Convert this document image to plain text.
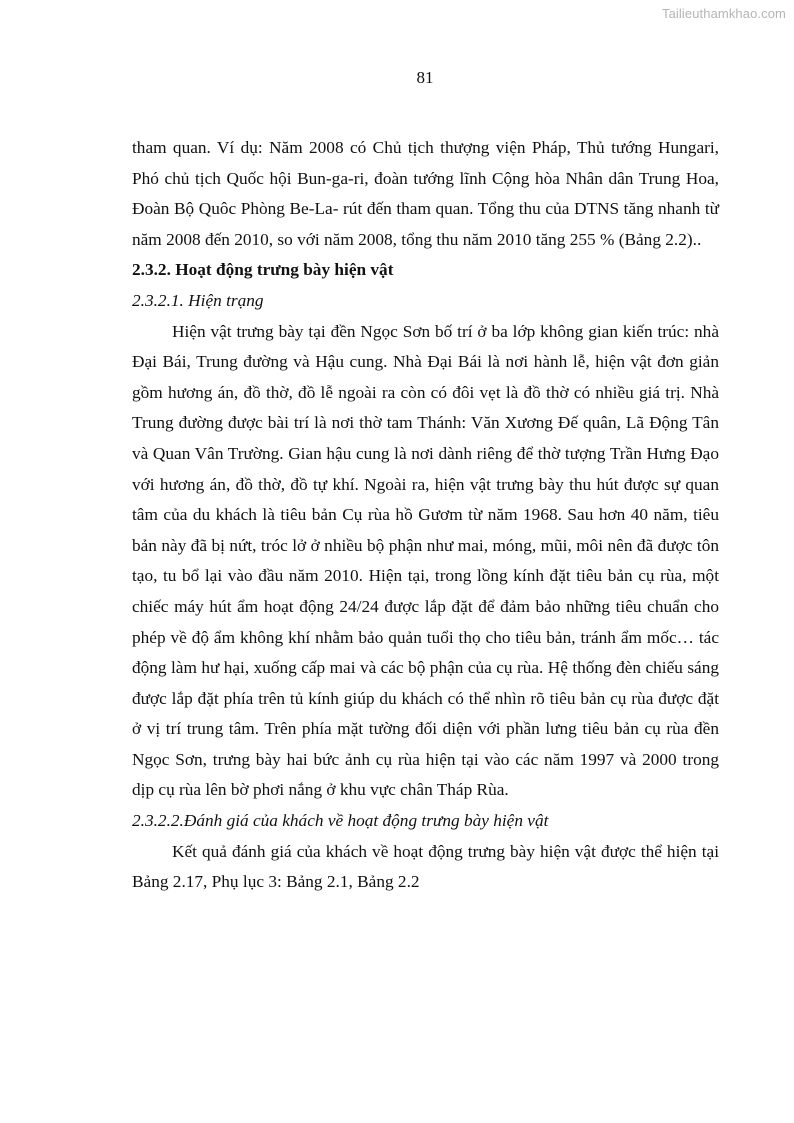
Tailieuthamkhao.com
81

tham quan. Ví dụ: Năm 2008 có Chủ tịch thượng viện Pháp, Thủ tướng Hungari, Phó chủ tịch Quốc hội Bun-ga-ri, đoàn tướng lĩnh Cộng hòa Nhân dân Trung Hoa, Đoàn Bộ Quôc Phòng Be-La- rút đến tham quan. Tổng thu của DTNS tăng nhanh từ năm 2008 đến 2010, so với năm 2008, tổng thu năm 2010 tăng 255 % (Bảng 2.2)..

2.3.2. Hoạt động trưng bày hiện vật

2.3.2.1. Hiện trạng

Hiện vật trưng bày tại đền Ngọc Sơn bố trí ở ba lớp không gian kiến trúc: nhà Đại Bái, Trung đường và Hậu cung. Nhà Đại Bái là nơi hành lễ, hiện vật đơn giản gồm hương án, đồ thờ, đồ lễ ngoài ra còn có đôi vẹt là đồ thờ có nhiều giá trị. Nhà Trung đường được bài trí là nơi thờ tam Thánh: Văn Xương Đế quân, Lã Động Tân và Quan Vân Trường. Gian hậu cung là nơi dành riêng để thờ tượng Trần Hưng Đạo với hương án, đồ thờ, đồ tự khí. Ngoài ra, hiện vật trưng bày thu hút được sự quan tâm của du khách là tiêu bản Cụ rùa hồ Gươm từ năm 1968. Sau hơn 40 năm, tiêu bản này đã bị nứt, tróc lở ở nhiều bộ phận như mai, móng, mũi, môi nên đã được tôn tạo, tu bổ lại vào đầu năm 2010. Hiện tại, trong lồng kính đặt tiêu bản cụ rùa, một chiếc máy hút ẩm hoạt động 24/24 được lắp đặt để đảm bảo những tiêu chuẩn cho phép về độ ẩm không khí nhằm bảo quản tuổi thọ cho tiêu bản, tránh ẩm mốc… tác động làm hư hại, xuống cấp mai và các bộ phận của cụ rùa. Hệ thống đèn chiếu sáng được lắp đặt phía trên tủ kính giúp du khách có thể nhìn rõ tiêu bản cụ rùa được đặt ở vị trí trung tâm. Trên phía mặt tường đối diện với phần lưng tiêu bản cụ rùa đền Ngọc Sơn, trưng bày hai bức ảnh cụ rùa hiện tại vào các năm 1997 và 2000 trong dịp cụ rùa lên bờ phơi nắng ở khu vực chân Tháp Rùa.

2.3.2.2.Đánh giá của khách về hoạt động trưng bày hiện vật

Kết quả đánh giá của khách về hoạt động trưng bày hiện vật được thể hiện tại Bảng 2.17, Phụ lục 3: Bảng 2.1, Bảng 2.2
